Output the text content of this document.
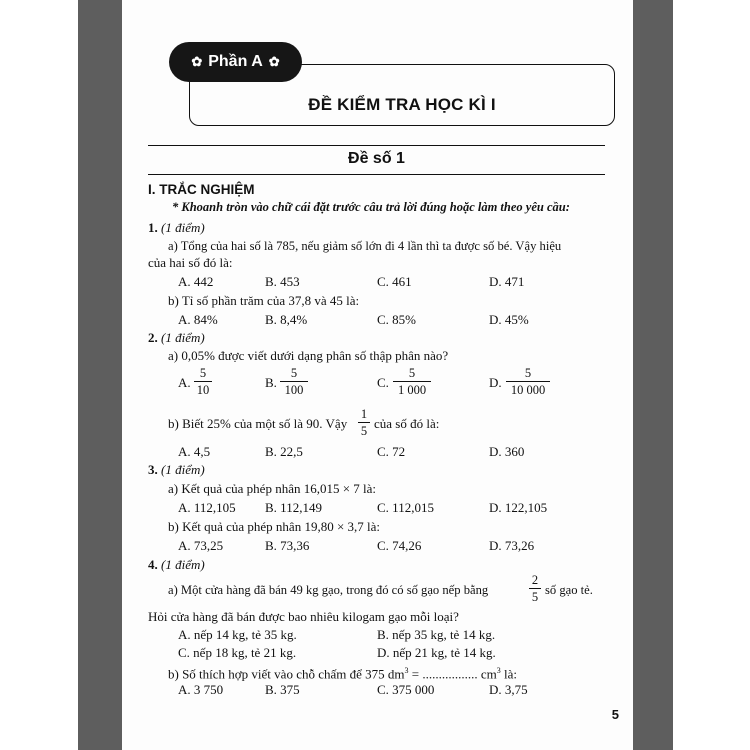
ĐỀ KIỂM TRA HỌC KÌ I
✿ Phần A ✿
Đề số 1
I. TRẮC NGHIỆM
* Khoanh tròn vào chữ cái đặt trước câu trả lời đúng hoặc làm theo yêu cầu:
1. (1 điểm)
a) Tổng của hai số là 785, nếu giảm số lớn đi 4 lần thì ta được số bé. Vậy hiệu
của hai số đó là:
A. 442	B. 453	C. 461	D. 471
b) Tỉ số phần trăm của 37,8 và 45 là:
A. 84%	B. 8,4%	C. 85%	D. 45%
2. (1 điểm)
a) 0,05% được viết dưới dạng phân số thập phân nào?
A.
5
10	B.
5
100	C.
5
1 000	D.
5
10 000
b) Biết 25% của một số là 90. Vậy
1
5 của số đó là:
A. 4,5	B. 22,5	C. 72	D. 360
3. (1 điểm)
a) Kết quả của phép nhân 16,015 × 7 là:
A. 112,105 B. 112,149	C. 112,015	D. 122,105
b) Kết quả của phép nhân 19,80 × 3,7 là:
A. 73,25	B. 73,36	C. 74,26	D. 73,26
4. (1 điểm)
a) Một cửa hàng đã bán 49 kg gạo, trong đó có số gạo nếp bằng
2
5 số gạo tẻ.
Hỏi cửa hàng đã bán được bao nhiêu kilogam gạo mỗi loại?
A. nếp 14 kg, tẻ 35 kg.	B. nếp 35 kg, tẻ 14 kg.
C. nếp 18 kg, tẻ 21 kg.	D. nếp 21 kg, tẻ 14 kg.
b) Số thích hợp viết vào chỗ chấm để 375 $dm^3$ = ................. $cm^3$ là:
A. 3 750	B. 375	C. 375 000	D. 3,75
5
